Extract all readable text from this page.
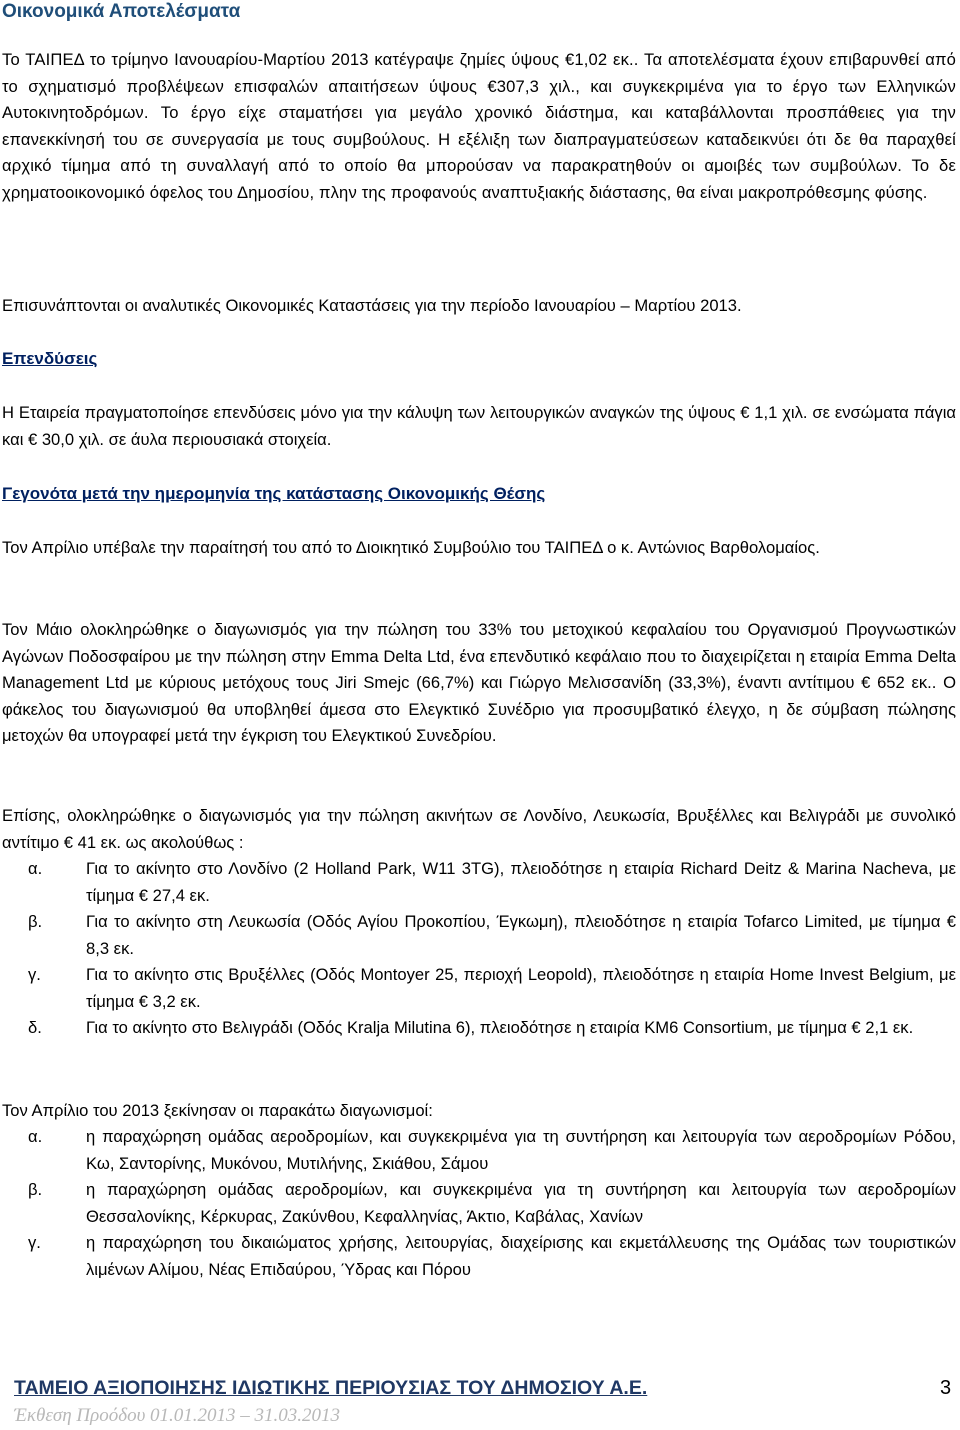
Οικονομικά Αποτελέσματα

Το ΤΑΙΠΕΔ το τρίμηνο Ιανουαρίου-Μαρτίου 2013 κατέγραψε ζημίες ύψους €1,02 εκ.. Τα αποτελέσματα έχουν επιβαρυνθεί από το σχηματισμό προβλέψεων επισφαλών απαιτήσεων ύψους €307,3 χιλ., και συγκεκριμένα για το έργο των Ελληνικών Αυτοκινητοδρόμων. Το έργο είχε σταματήσει για μεγάλο χρονικό διάστημα, και καταβάλλονται προσπάθειες για την επανεκκίνησή του σε συνεργασία με τους συμβούλους. Η εξέλιξη των διαπραγματεύσεων καταδεικνύει ότι δε θα παραχθεί αρχικό τίμημα από τη συναλλαγή από το οποίο θα μπορούσαν να παρακρατηθούν οι αμοιβές των συμβούλων. Το δε χρηματοοικονομικό όφελος του Δημοσίου, πλην της προφανούς αναπτυξιακής διάστασης, θα είναι μακροπρόθεσμης φύσης.

Επισυνάπτονται οι αναλυτικές Οικονομικές Καταστάσεις για την περίοδο Ιανουαρίου – Μαρτίου 2013.

Επενδύσεις

Η Εταιρεία πραγματοποίησε επενδύσεις μόνο για την κάλυψη των λειτουργικών αναγκών της ύψους € 1,1 χιλ. σε ενσώματα πάγια και € 30,0 χιλ. σε άυλα περιουσιακά στοιχεία.

Γεγονότα μετά την ημερομηνία της κατάστασης Οικονομικής Θέσης

Τον Απρίλιο υπέβαλε την παραίτησή του από το Διοικητικό Συμβούλιο του ΤΑΙΠΕΔ ο κ. Αντώνιος Βαρθολομαίος.

Τον Μάιο ολοκληρώθηκε ο διαγωνισμός για την πώληση του 33% του μετοχικού κεφαλαίου του Οργανισμού Προγνωστικών Αγώνων Ποδοσφαίρου με την πώληση στην Emma Delta Ltd, ένα επενδυτικό κεφάλαιο που το διαχειρίζεται η εταιρία Emma Delta Management Ltd με κύριους μετόχους τους Jiri Smejc (66,7%) και Γιώργο Μελισσανίδη (33,3%), έναντι αντίτιμου € 652 εκ.. Ο φάκελος του διαγωνισμού θα υποβληθεί άμεσα στο Ελεγκτικό Συνέδριο για προσυμβατικό έλεγχο, η δε σύμβαση πώλησης μετοχών θα υπογραφεί μετά την έγκριση του Ελεγκτικού Συνεδρίου.

Επίσης, ολοκληρώθηκε ο διαγωνισμός για την πώληση ακινήτων σε Λονδίνο, Λευκωσία, Βρυξέλλες και Βελιγράδι με συνολικό αντίτιμο € 41 εκ. ως ακολούθως :

α.	Για το ακίνητο στο Λονδίνο (2 Holland Park, W11 3TG), πλειοδότησε η εταιρία Richard Deitz & Marina Nacheva, με τίμημα € 27,4 εκ.
β.	Για το ακίνητο στη Λευκωσία (Οδός Αγίου Προκοπίου, Έγκωμη), πλειοδότησε η εταιρία Tofarco Limited, με τίμημα € 8,3 εκ.
γ.	Για το ακίνητο στις Βρυξέλλες (Οδός Montoyer 25, περιοχή Leopold), πλειοδότησε η εταιρία Home Invest Belgium, με τίμημα € 3,2 εκ.
δ.	Για το ακίνητο στο Βελιγράδι (Οδός Kralja Milutina 6), πλειοδότησε η εταιρία KM6 Consortium, με τίμημα € 2,1 εκ.

Τον Απρίλιο του 2013 ξεκίνησαν οι παρακάτω διαγωνισμοί:

α.	η παραχώρηση ομάδας αεροδρομίων, και συγκεκριμένα για τη συντήρηση και λειτουργία των αεροδρομίων Ρόδου, Κω, Σαντορίνης, Μυκόνου, Μυτιλήνης, Σκιάθου, Σάμου
β.	η παραχώρηση ομάδας αεροδρομίων, και συγκεκριμένα για τη συντήρηση και λειτουργία των αεροδρομίων Θεσσαλονίκης, Κέρκυρας, Ζακύνθου, Κεφαλληνίας, Άκτιο, Καβάλας, Χανίων
γ.	η παραχώρηση του δικαιώματος χρήσης, λειτουργίας, διαχείρισης και εκμετάλλευσης της Ομάδας των τουριστικών λιμένων Αλίμου, Νέας Επιδαύρου, Ύδρας και Πόρου
ΤΑΜΕΙΟ ΑΞΙΟΠΟΙΗΣΗΣ ΙΔΙΩΤΙΚΗΣ ΠΕΡΙΟΥΣΙΑΣ ΤΟΥ ΔΗΜΟΣΙΟΥ Α.Ε.	3
Έκθεση Προόδου 01.01.2013 – 31.03.2013
